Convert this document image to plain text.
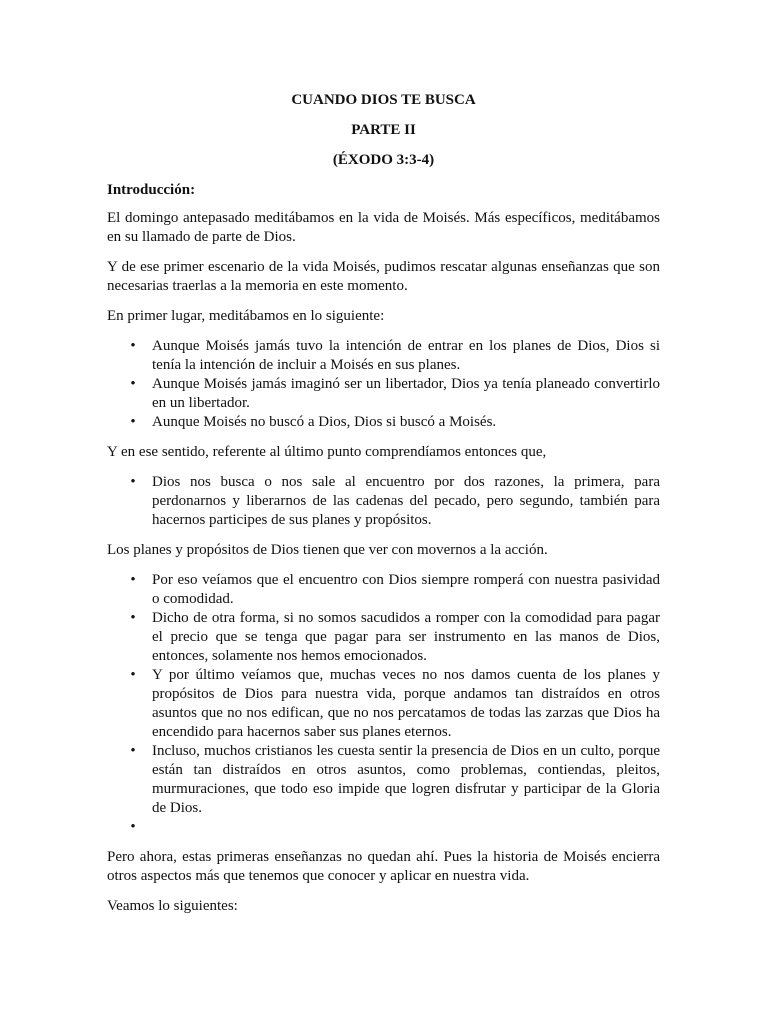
CUANDO DIOS TE BUSCA
PARTE II
(ÉXODO 3:3-4)
Introducción:

El domingo antepasado meditábamos en la vida de Moisés. Más específicos, meditábamos en su llamado de parte de Dios.

Y de ese primer escenario de la vida Moisés, pudimos rescatar algunas enseñanzas que son necesarias traerlas a la memoria en este momento.

En primer lugar, meditábamos en lo siguiente:

• Aunque Moisés jamás tuvo la intención de entrar en los planes de Dios, Dios si tenía la intención de incluir a Moisés en sus planes.
• Aunque Moisés jamás imaginó ser un libertador, Dios ya tenía planeado convertirlo en un libertador.
• Aunque Moisés no buscó a Dios, Dios si buscó a Moisés.

Y en ese sentido, referente al último punto comprendíamos entonces que,

• Dios nos busca o nos sale al encuentro por dos razones, la primera, para perdonarnos y liberarnos de las cadenas del pecado, pero segundo, también para hacernos participes de sus planes y propósitos.

Los planes y propósitos de Dios tienen que ver con movernos a la acción.

• Por eso veíamos que el encuentro con Dios siempre romperá con nuestra pasividad o comodidad.
• Dicho de otra forma, si no somos sacudidos a romper con la comodidad para pagar el precio que se tenga que pagar para ser instrumento en las manos de Dios, entonces, solamente nos hemos emocionados.
• Y por último veíamos que, muchas veces no nos damos cuenta de los planes y propósitos de Dios para nuestra vida, porque andamos tan distraídos en otros asuntos que no nos edifican, que no nos percatamos de todas las zarzas que Dios ha encendido para hacernos saber sus planes eternos.
• Incluso, muchos cristianos les cuesta sentir la presencia de Dios en un culto, porque están tan distraídos en otros asuntos, como problemas, contiendas, pleitos, murmuraciones, que todo eso impide que logren disfrutar y participar de la Gloria de Dios.
•

Pero ahora, estas primeras enseñanzas no quedan ahí. Pues la historia de Moisés encierra otros aspectos más que tenemos que conocer y aplicar en nuestra vida.

Veamos lo siguientes:
